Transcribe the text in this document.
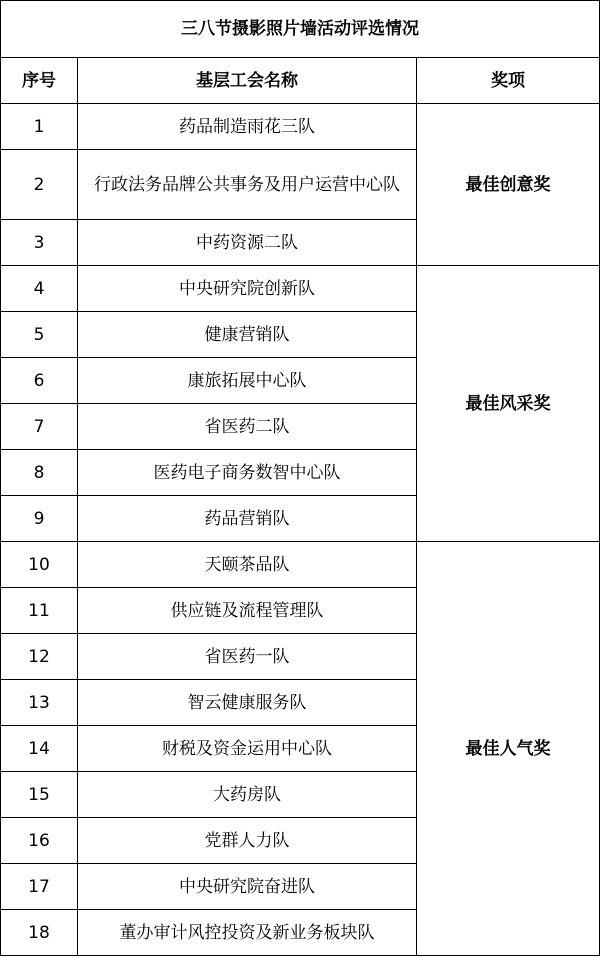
三八节摄影照片墙活动评选情况		
序号	基层工会名称	奖项
1	药品制造雨花三队	最佳创意奖
2	行政法务品牌公共事务及用户运营中心队	
3	中药资源二队	
4	中央研究院创新队	最佳风采奖
5	健康营销队	
6	康旅拓展中心队	
7	省医药二队	
8	医药电子商务数智中心队	
9	药品营销队	
10	天颐茶品队	最佳人气奖
11	供应链及流程管理队	
12	省医药一队	
13	智云健康服务队	
14	财税及资金运用中心队	
15	大药房队	
16	党群人力队	
17	中央研究院奋进队	
18	董办审计风控投资及新业务板块队	
